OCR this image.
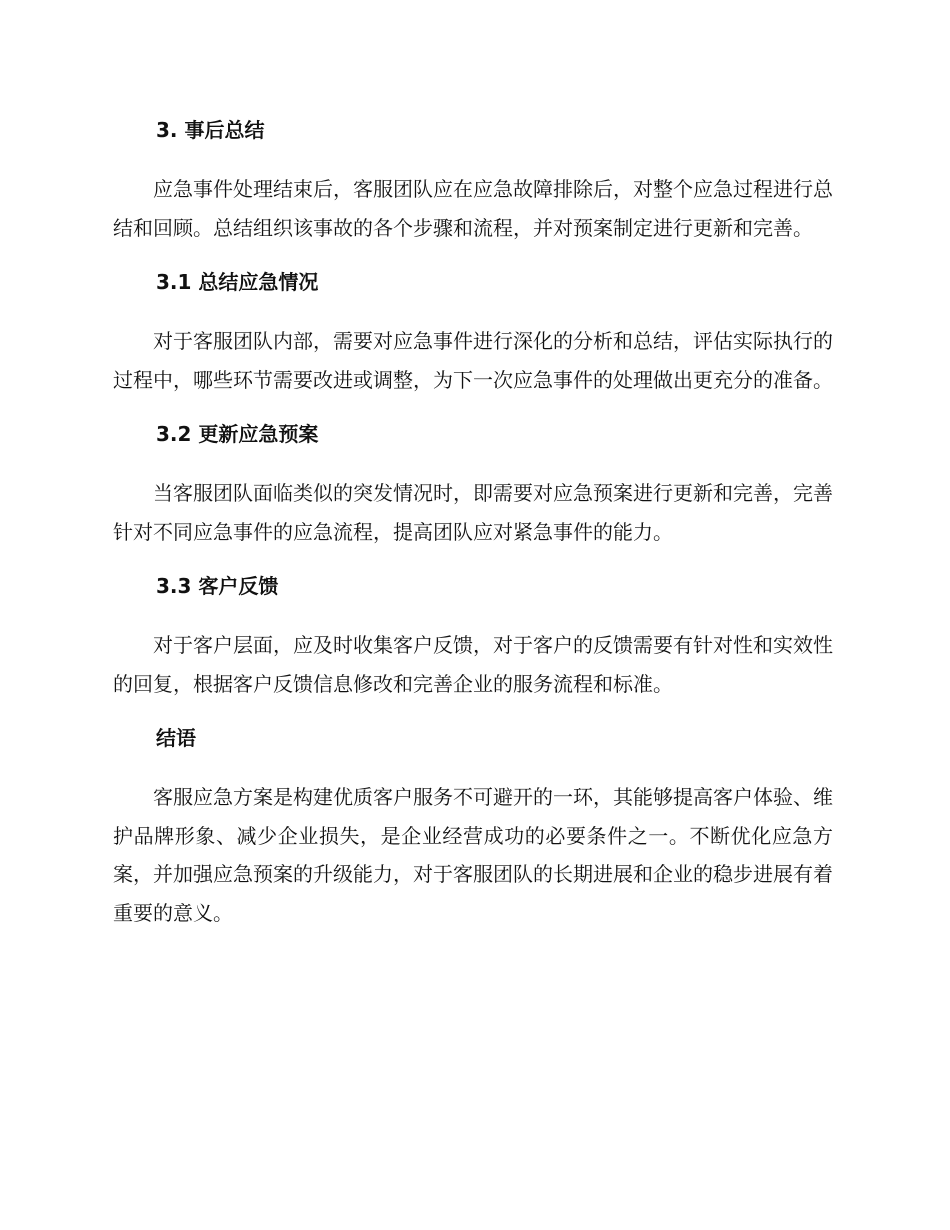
3. 事后总结

应急事件处理结束后，客服团队应在应急故障排除后，对整个应急过程进行总结和回顾。总结组织该事故的各个步骤和流程，并对预案制定进行更新和完善。

3.1 总结应急情况

对于客服团队内部，需要对应急事件进行深化的分析和总结，评估实际执行的过程中，哪些环节需要改进或调整，为下一次应急事件的处理做出更充分的准备。

3.2 更新应急预案

当客服团队面临类似的突发情况时，即需要对应急预案进行更新和完善，完善针对不同应急事件的应急流程，提高团队应对紧急事件的能力。

3.3 客户反馈

对于客户层面，应及时收集客户反馈，对于客户的反馈需要有针对性和实效性的回复，根据客户反馈信息修改和完善企业的服务流程和标准。

结语

客服应急方案是构建优质客户服务不可避开的一环，其能够提高客户体验、维护品牌形象、减少企业损失，是企业经营成功的必要条件之一。不断优化应急方案，并加强应急预案的升级能力，对于客服团队的长期进展和企业的稳步进展有着重要的意义。
